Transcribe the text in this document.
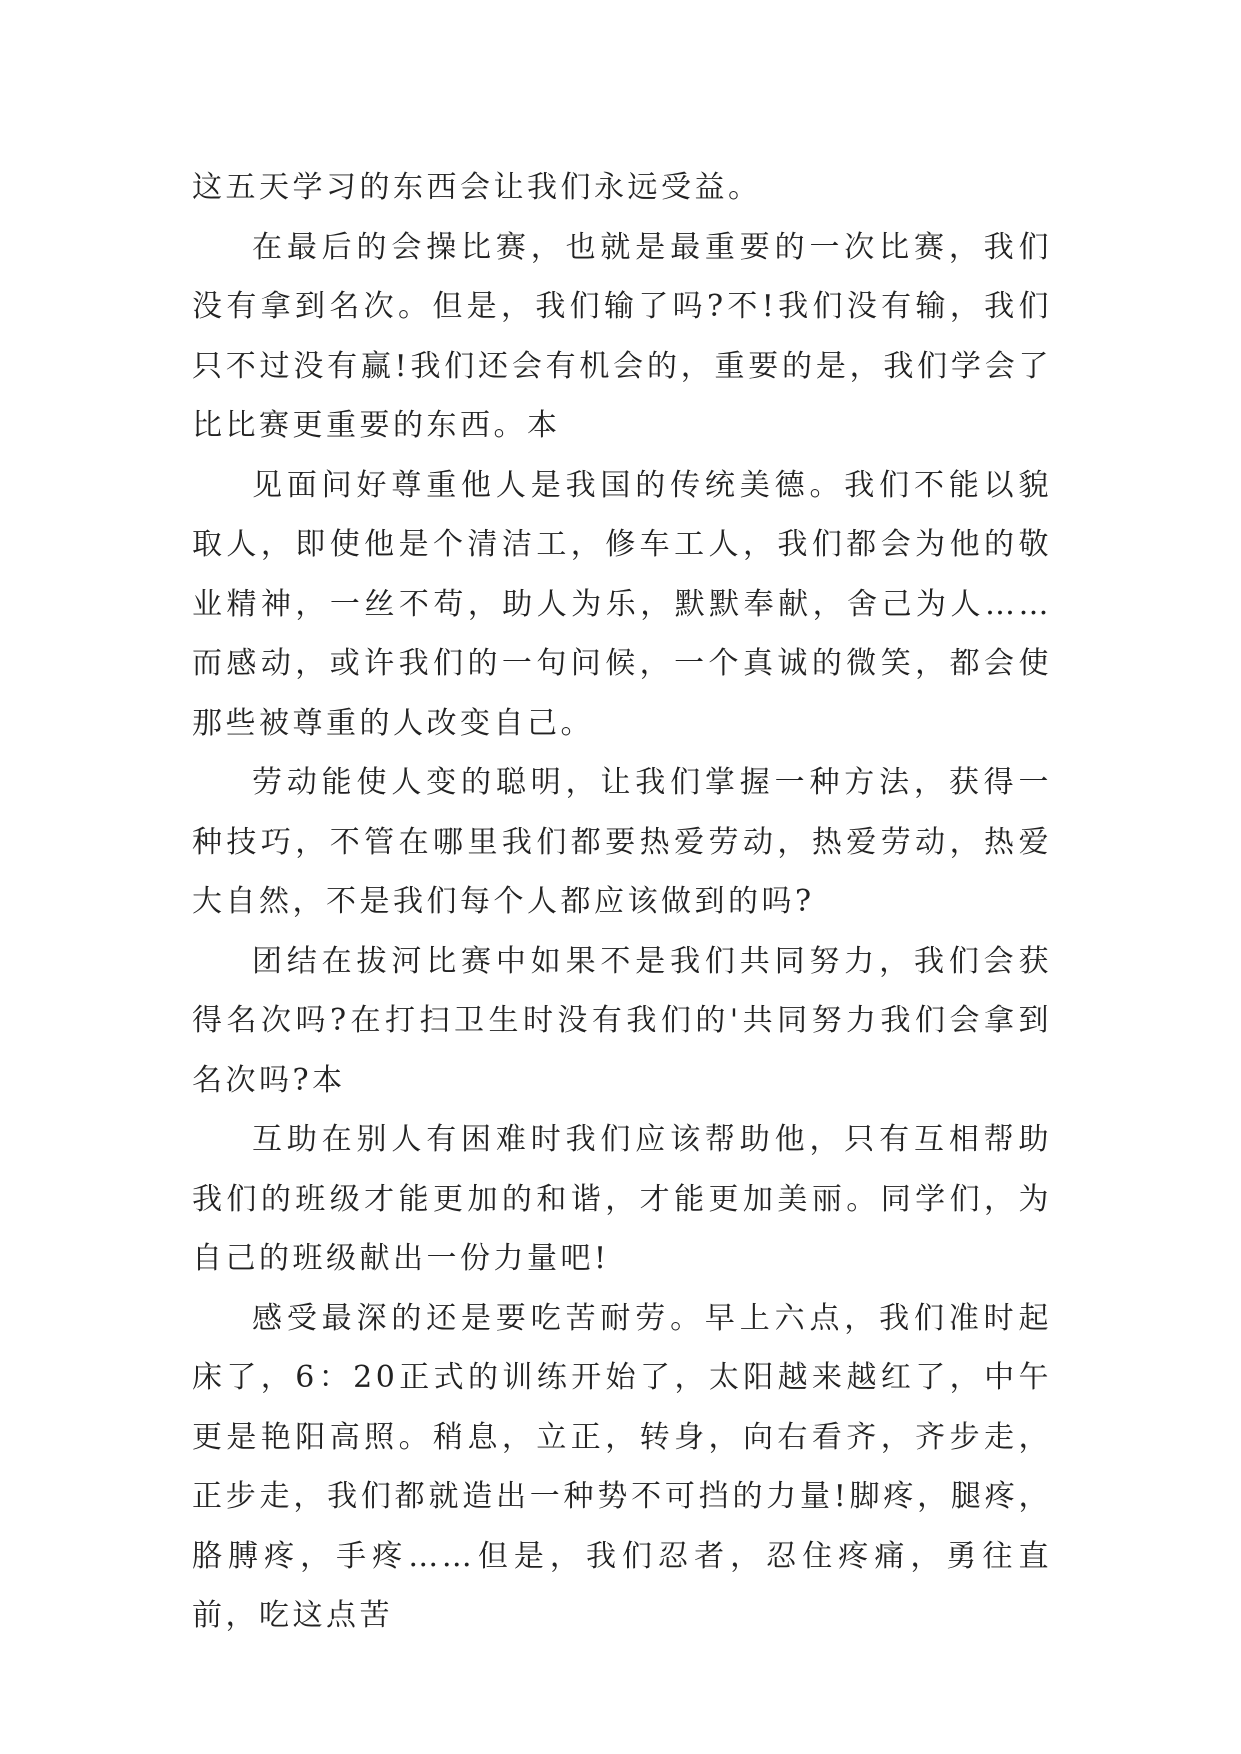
这五天学习的东西会让我们永远受益。

在最后的会操比赛，也就是最重要的一次比赛，我们没有拿到名次。但是，我们输了吗?不!我们没有输，我们只不过没有赢!我们还会有机会的，重要的是，我们学会了比比赛更重要的东西。本

见面问好尊重他人是我国的传统美德。我们不能以貌取人，即使他是个清洁工，修车工人，我们都会为他的敬业精神，一丝不苟，助人为乐，默默奉献，舍己为人……而感动，或许我们的一句问候，一个真诚的微笑，都会使那些被尊重的人改变自己。

劳动能使人变的聪明，让我们掌握一种方法，获得一种技巧，不管在哪里我们都要热爱劳动，热爱劳动，热爱大自然，不是我们每个人都应该做到的吗?

团结在拔河比赛中如果不是我们共同努力，我们会获得名次吗?在打扫卫生时没有我们的'共同努力我们会拿到名次吗?本

互助在别人有困难时我们应该帮助他，只有互相帮助我们的班级才能更加的和谐，才能更加美丽。同学们，为自己的班级献出一份力量吧!

感受最深的还是要吃苦耐劳。早上六点，我们准时起床了，6：20正式的训练开始了，太阳越来越红了，中午更是艳阳高照。稍息，立正，转身，向右看齐，齐步走，正步走，我们都就造出一种势不可挡的力量!脚疼，腿疼，胳膊疼，手疼……但是，我们忍者，忍住疼痛，勇往直前，吃这点苦
